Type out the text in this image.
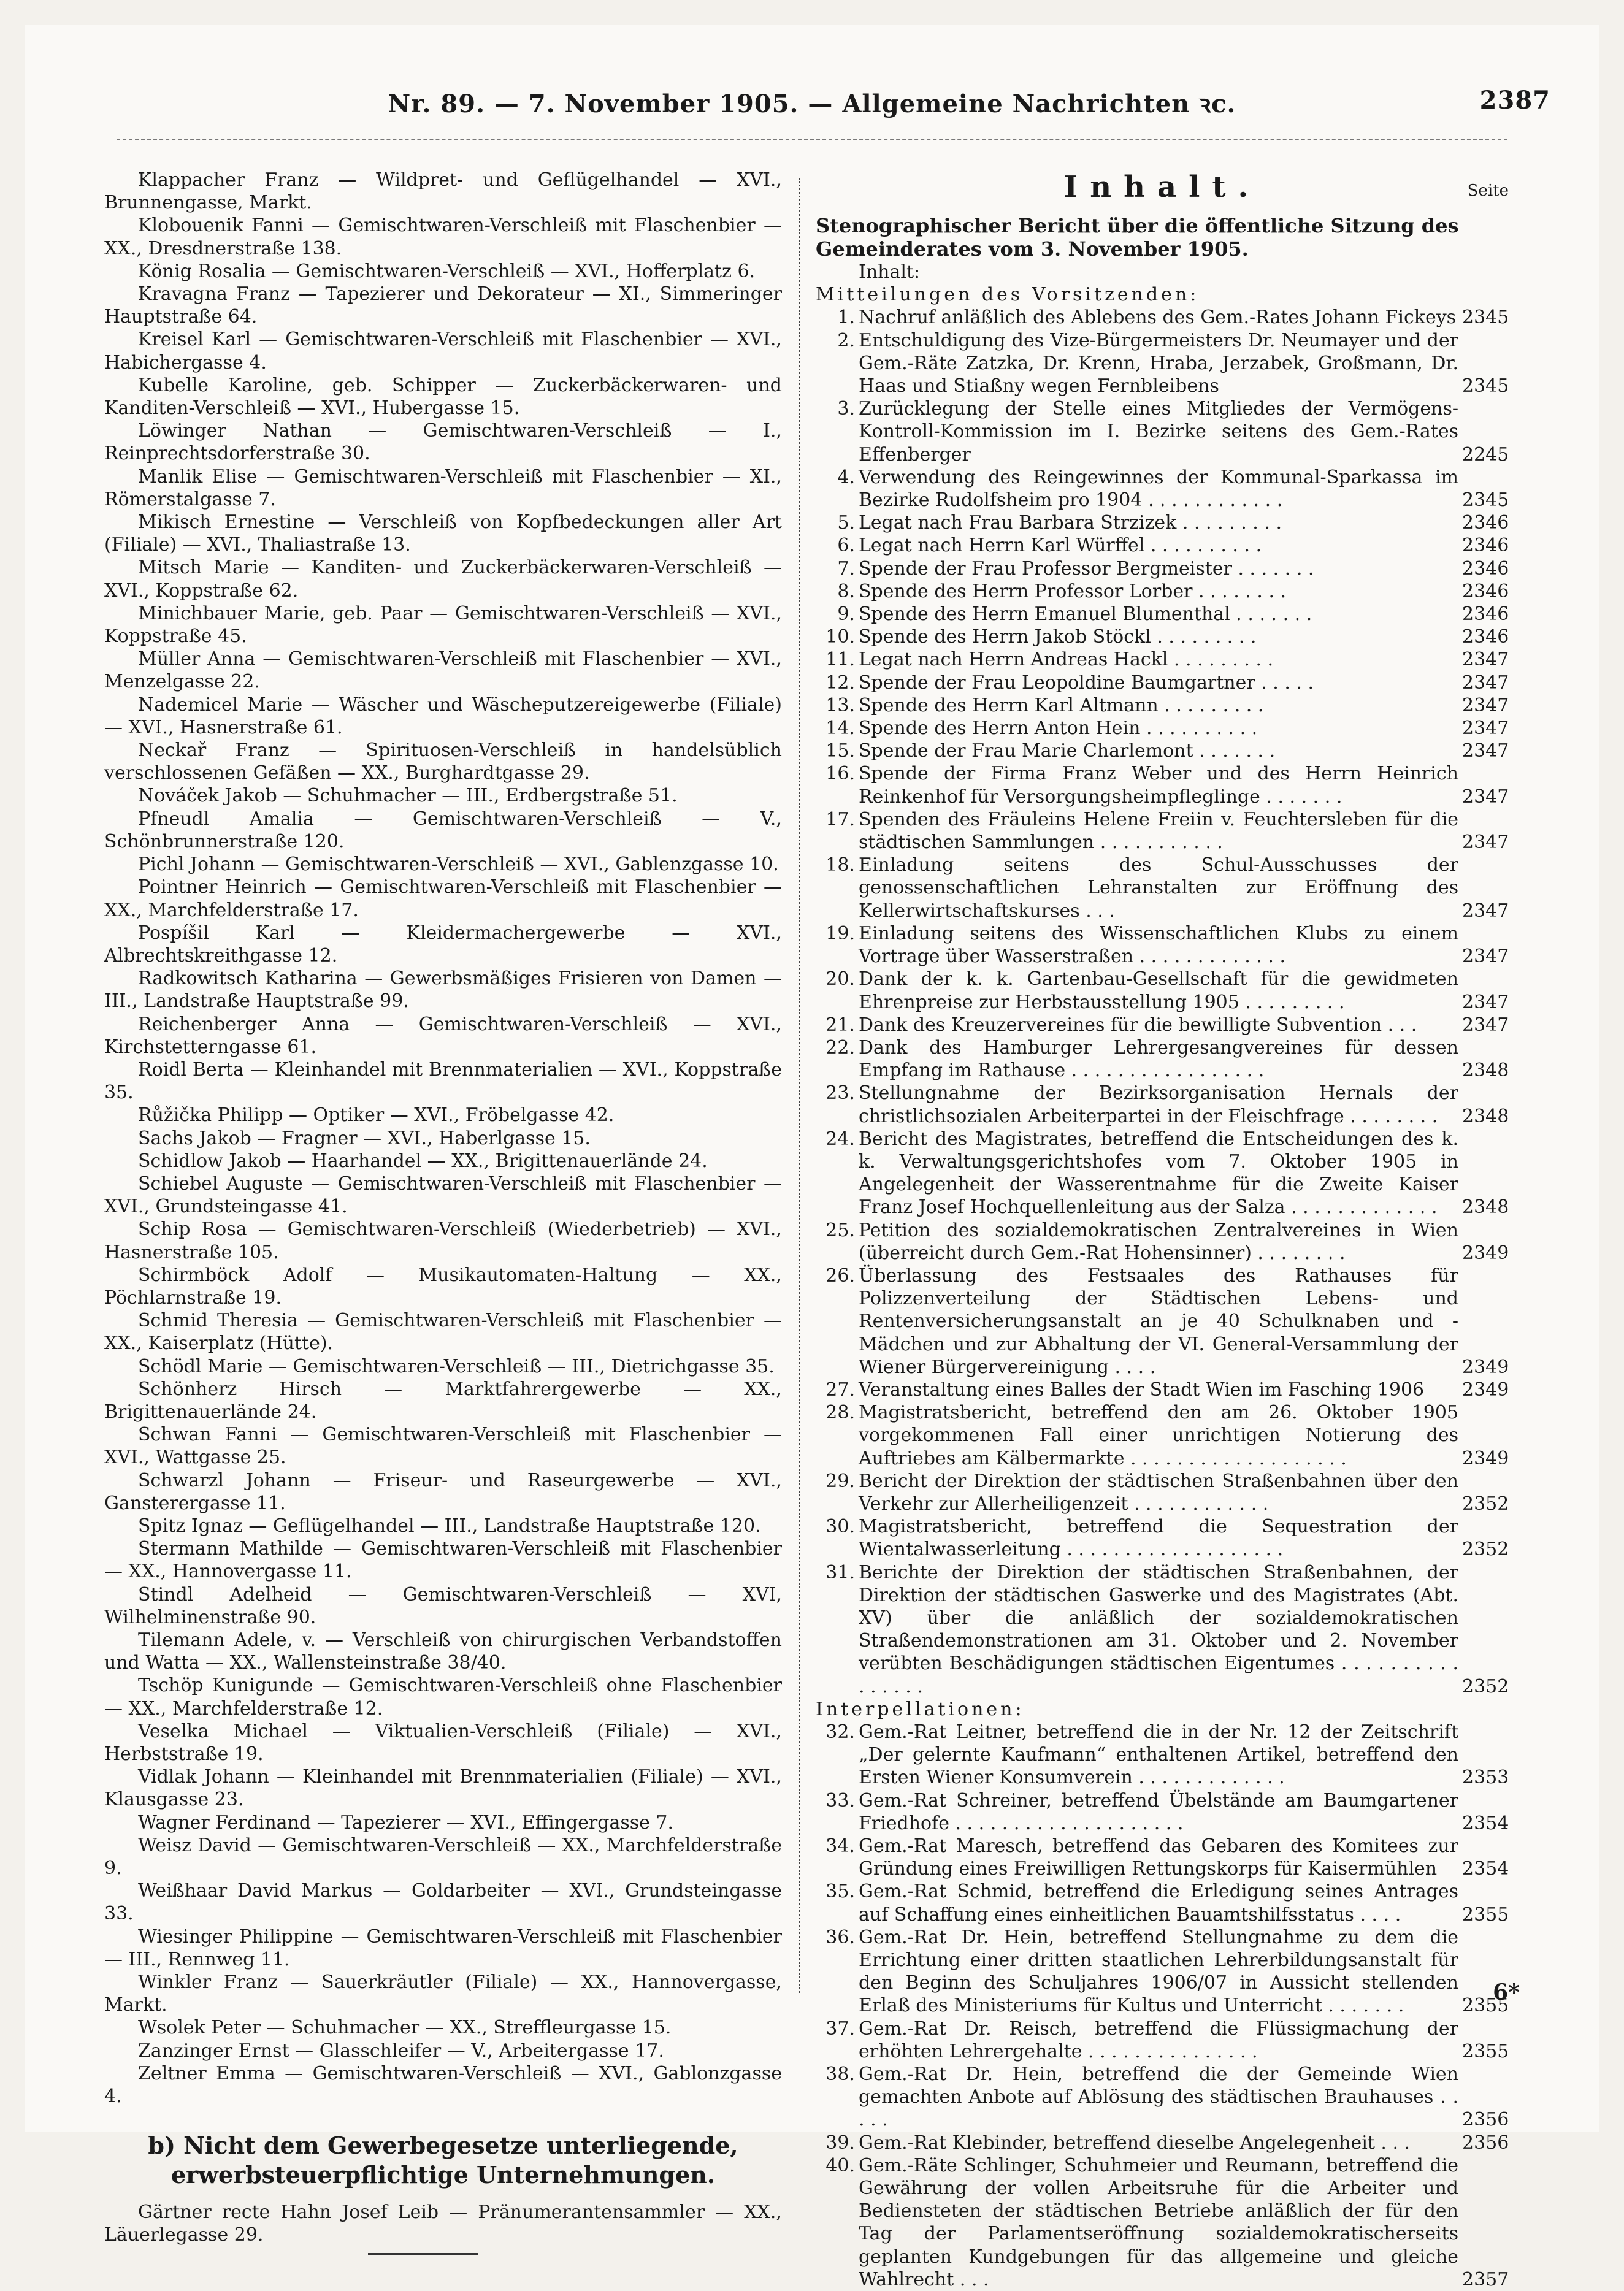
Nr. 89. — 7. November 1905. — Allgemeine Nachrichten ꝛc.	2387

Klappacher Franz — Wildpret- und Geflügelhandel — XVI., Brunnengasse, Markt.

Klobouenik Fanni — Gemischtwaren-Verschleiß mit Flaschenbier — XX., Dresdnerstraße 138.

König Rosalia — Gemischtwaren-Verschleiß — XVI., Hofferplatz 6.

Kravagna Franz — Tapezierer und Dekorateur — XI., Simmeringer Hauptstraße 64.

Kreisel Karl — Gemischtwaren-Verschleiß mit Flaschenbier — XVI., Habichergasse 4.

Kubelle Karoline, geb. Schipper — Zuckerbäckerwaren- und Kanditen-Verschleiß — XVI., Hubergasse 15.

Löwinger Nathan — Gemischtwaren-Verschleiß — I., Reinprechtsdorferstraße 30.

Manlik Elise — Gemischtwaren-Verschleiß mit Flaschenbier — XI., Römerstalgasse 7.

Mikisch Ernestine — Verschleiß von Kopfbedeckungen aller Art (Filiale) — XVI., Thaliastraße 13.

Mitsch Marie — Kanditen- und Zuckerbäckerwaren-Verschleiß — XVI., Koppstraße 62.

Minichbauer Marie, geb. Paar — Gemischtwaren-Verschleiß — XVI., Koppstraße 45.

Müller Anna — Gemischtwaren-Verschleiß mit Flaschenbier — XVI., Menzelgasse 22.

Nademicel Marie — Wäscher und Wäscheputzereigewerbe (Filiale) — XVI., Hasnerstraße 61.

Neckař Franz — Spirituosen-Verschleiß in handelsüblich verschlossenen Gefäßen — XX., Burghardtgasse 29.

Nováček Jakob — Schuhmacher — III., Erdbergstraße 51.

Pfneudl Amalia — Gemischtwaren-Verschleiß — V., Schönbrunnerstraße 120.

Pichl Johann — Gemischtwaren-Verschleiß — XVI., Gablenzgasse 10.

Pointner Heinrich — Gemischtwaren-Verschleiß mit Flaschenbier — XX., Marchfelderstraße 17.

Pospíšil Karl — Kleidermachergewerbe — XVI., Albrechtskreithgasse 12.

Radkowitsch Katharina — Gewerbsmäßiges Frisieren von Damen — III., Landstraße Hauptstraße 99.

Reichenberger Anna — Gemischtwaren-Verschleiß — XVI., Kirchstetterngasse 61.

Roidl Berta — Kleinhandel mit Brennmaterialien — XVI., Koppstraße 35.

Růžička Philipp — Optiker — XVI., Fröbelgasse 42.

Sachs Jakob — Fragner — XVI., Haberlgasse 15.

Schidlow Jakob — Haarhandel — XX., Brigittenauerlände 24.

Schiebel Auguste — Gemischtwaren-Verschleiß mit Flaschenbier — XVI., Grundsteingasse 41.

Schip Rosa — Gemischtwaren-Verschleiß (Wiederbetrieb) — XVI., Hasnerstraße 105.

Schirmböck Adolf — Musikautomaten-Haltung — XX., Pöchlarnstraße 19.

Schmid Theresia — Gemischtwaren-Verschleiß mit Flaschenbier — XX., Kaiserplatz (Hütte).

Schödl Marie — Gemischtwaren-Verschleiß — III., Dietrichgasse 35.

Schönherz Hirsch — Marktfahrergewerbe — XX., Brigittenauerlände 24.

Schwan Fanni — Gemischtwaren-Verschleiß mit Flaschenbier — XVI., Wattgasse 25.

Schwarzl Johann — Friseur- und Raseurgewerbe — XVI., Gansterergasse 11.

Spitz Ignaz — Geflügelhandel — III., Landstraße Hauptstraße 120.

Stermann Mathilde — Gemischtwaren-Verschleiß mit Flaschenbier — XX., Hannovergasse 11.

Stindl Adelheid — Gemischtwaren-Verschleiß — XVI, Wilhelminenstraße 90.

Tilemann Adele, v. — Verschleiß von chirurgischen Verbandstoffen und Watta — XX., Wallensteinstraße 38/40.

Tschöp Kunigunde — Gemischtwaren-Verschleiß ohne Flaschenbier — XX., Marchfelderstraße 12.

Veselka Michael — Viktualien-Verschleiß (Filiale) — XVI., Herbststraße 19.

Vidlak Johann — Kleinhandel mit Brennmaterialien (Filiale) — XVI., Klausgasse 23.

Wagner Ferdinand — Tapezierer — XVI., Effingergasse 7.

Weisz David — Gemischtwaren-Verschleiß — XX., Marchfelderstraße 9.

Weißhaar David Markus — Goldarbeiter — XVI., Grundsteingasse 33.

Wiesinger Philippine — Gemischtwaren-Verschleiß mit Flaschenbier — III., Rennweg 11.

Winkler Franz — Sauerkräutler (Filiale) — XX., Hannovergasse, Markt.

Wsolek Peter — Schuhmacher — XX., Streffleurgasse 15.

Zanzinger Ernst — Glasschleifer — V., Arbeitergasse 17.

Zeltner Emma — Gemischtwaren-Verschleiß — XVI., Gablonzgasse 4.

b) Nicht dem Gewerbegesetze unterliegende, erwerbsteuerpflichtige Unternehmungen.

Gärtner recte Hahn Josef Leib — Pränumerantensammler — XX., Läuerlegasse 29.

Inhalt.	Seite

Stenographischer Bericht über die öffentliche Sitzung des Gemeinderates vom 3. November 1905.

Inhalt:

Mitteilungen des Vorsitzenden:

1. Nachruf anläßlich des Ablebens des Gem.-Rates Johann Fickeys 2345
2. Entschuldigung des Vize-Bürgermeisters Dr. Neumayer und der Gem.-Räte Zatzka, Dr. Krenn, Hraba, Jerzabek, Großmann, Dr. Haas und Stiaßny wegen Fernbleibens	2345
3. Zurücklegung der Stelle eines Mitgliedes der Vermögens-Kontroll-Kommission im I. Bezirke seitens des Gem.-Rates Effenberger	2245
4. Verwendung des Reingewinnes der Kommunal-Sparkassa im Bezirke Rudolfsheim pro 1904 . . . . . . . . . . . .	2345
5. Legat nach Frau Barbara Strzizek . . . . . . . . .	2346
6. Legat nach Herrn Karl Würffel . . . . . . . . . .	2346
7. Spende der Frau Professor Bergmeister . . . . . . .	2346
8. Spende des Herrn Professor Lorber . . . . . . . .	2346
9. Spende des Herrn Emanuel Blumenthal . . . . . . .	2346
10. Spende des Herrn Jakob Stöckl . . . . . . . . .	2346
11. Legat nach Herrn Andreas Hackl . . . . . . . . .	2347
12. Spende der Frau Leopoldine Baumgartner . . . . .	2347
13. Spende des Herrn Karl Altmann . . . . . . . . .	2347
14. Spende des Herrn Anton Hein . . . . . . . . . .	2347
15. Spende der Frau Marie Charlemont . . . . . . .	2347
16. Spende der Firma Franz Weber und des Herrn Heinrich Reinkenhof für Versorgungsheimpfleglinge . . . . . . .	2347
17. Spenden des Fräuleins Helene Freiin v. Feuchtersleben für die städtischen Sammlungen . . . . . . . . . . .	2347
18. Einladung seitens des Schul-Ausschusses der genossenschaftlichen Lehranstalten zur Eröffnung des Kellerwirtschaftskurses . . .	2347
19. Einladung seitens des Wissenschaftlichen Klubs zu einem Vortrage über Wasserstraßen . . . . . . . . . . . . .	2347
20. Dank der k. k. Gartenbau-Gesellschaft für die gewidmeten Ehrenpreise zur Herbstausstellung 1905 . . . . . . . . .	2347
21. Dank des Kreuzervereines für die bewilligte Subvention . . .	2347
22. Dank des Hamburger Lehrergesangvereines für dessen Empfang im Rathause . . . . . . . . . . . . . . . . .	2348
23. Stellungnahme der Bezirksorganisation Hernals der christlichsozialen Arbeiterpartei in der Fleischfrage . . . . . . . .	2348
24. Bericht des Magistrates, betreffend die Entscheidungen des k. k. Verwaltungsgerichtshofes vom 7. Oktober 1905 in Angelegenheit der Wasserentnahme für die Zweite Kaiser Franz Josef Hochquellenleitung aus der Salza . . . . . . . . . . . . .	2348
25. Petition des sozialdemokratischen Zentralvereines in Wien (überreicht durch Gem.-Rat Hohensinner) . . . . . . . .	2349
26. Überlassung des Festsaales des Rathauses für Polizzenverteilung der Städtischen Lebens- und Rentenversicherungsanstalt an je 40 Schulknaben und -Mädchen und zur Abhaltung der VI. General-Versammlung der Wiener Bürgervereinigung . . . .	2349
27. Veranstaltung eines Balles der Stadt Wien im Fasching 1906	2349
28. Magistratsbericht, betreffend den am 26. Oktober 1905 vorgekommenen Fall einer unrichtigen Notierung des Auftriebes am Kälbermarkte . . . . . . . . . . . . . . . . . . .	2349
29. Bericht der Direktion der städtischen Straßenbahnen über den Verkehr zur Allerheiligenzeit . . . . . . . . . . . .	2352
30. Magistratsbericht, betreffend die Sequestration der Wientalwasserleitung . . . . . . . . . . . . . . . . . . .	2352
31. Berichte der Direktion der städtischen Straßenbahnen, der Direktion der städtischen Gaswerke und des Magistrates (Abt. XV) über die anläßlich der sozialdemokratischen Straßendemonstrationen am 31. Oktober und 2. November verübten Beschädigungen städtischen Eigentumes . . . . . . . . . . . . . . . .	2352

Interpellationen:

32. Gem.-Rat Leitner, betreffend die in der Nr. 12 der Zeitschrift „Der gelernte Kaufmann“ enthaltenen Artikel, betreffend den Ersten Wiener Konsumverein . . . . . . . . . . . . .	2353
33. Gem.-Rat Schreiner, betreffend Übelstände am Baumgartener Friedhofe . . . . . . . . . . . . . . . . . . . .	2354
34. Gem.-Rat Maresch, betreffend das Gebaren des Komitees zur Gründung eines Freiwilligen Rettungskorps für Kaisermühlen	2354
35. Gem.-Rat Schmid, betreffend die Erledigung seines Antrages auf Schaffung eines einheitlichen Bauamtshilfsstatus . . . .	2355
36. Gem.-Rat Dr. Hein, betreffend Stellungnahme zu dem die Errichtung einer dritten staatlichen Lehrerbildungsanstalt für den Beginn des Schuljahres 1906/07 in Aussicht stellenden Erlaß des Ministeriums für Kultus und Unterricht . . . . . . .	2355
37. Gem.-Rat Dr. Reisch, betreffend die Flüssigmachung der erhöhten Lehrergehalte . . . . . . . . . . . . . . .	2355
38. Gem.-Rat Dr. Hein, betreffend die der Gemeinde Wien gemachten Anbote auf Ablösung des städtischen Brauhauses . . . . .	2356
39. Gem.-Rat Klebinder, betreffend dieselbe Angelegenheit . . .	2356
40. Gem.-Räte Schlinger, Schuhmeier und Reumann, betreffend die Gewährung der vollen Arbeitsruhe für die Arbeiter und Bediensteten der städtischen Betriebe anläßlich der für den Tag der Parlamentseröffnung sozialdemokratischerseits geplanten Kundgebungen für das allgemeine und gleiche Wahlrecht . . .	2357
6*
